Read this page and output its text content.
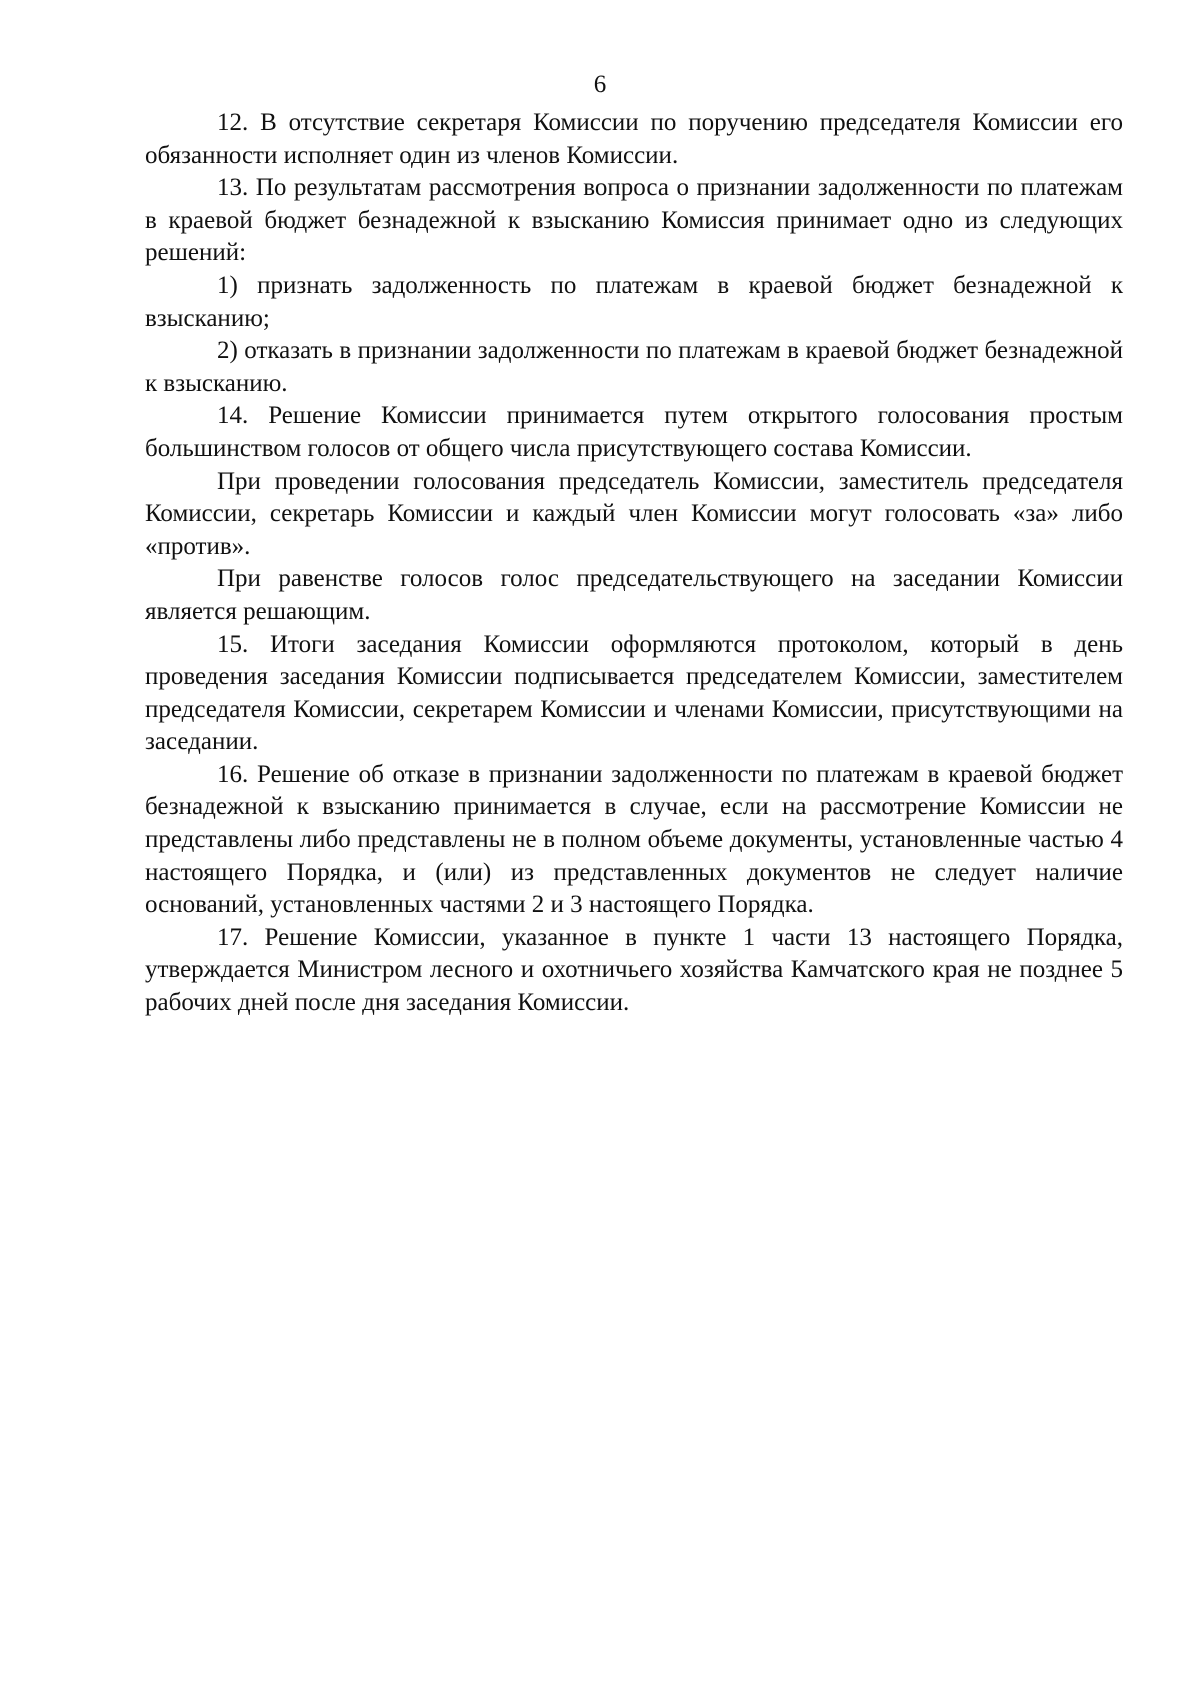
6

12. В отсутствие секретаря Комиссии по поручению председателя Комиссии его обязанности исполняет один из членов Комиссии.

13. По результатам рассмотрения вопроса о признании задолженности по платежам в краевой бюджет безнадежной к взысканию Комиссия принимает одно из следующих решений:

1) признать задолженность по платежам в краевой бюджет безнадежной к взысканию;

2) отказать в признании задолженности по платежам в краевой бюджет безнадежной к взысканию.

14. Решение Комиссии принимается путем открытого голосования простым большинством голосов от общего числа присутствующего состава Комиссии.

При проведении голосования председатель Комиссии, заместитель председателя Комиссии, секретарь Комиссии и каждый член Комиссии могут голосовать «за» либо «против».

При равенстве голосов голос председательствующего на заседании Комиссии является решающим.

15. Итоги заседания Комиссии оформляются протоколом, который в день проведения заседания Комиссии подписывается председателем Комиссии, заместителем председателя Комиссии, секретарем Комиссии и членами Комиссии, присутствующими на заседании.

16. Решение об отказе в признании задолженности по платежам в краевой бюджет безнадежной к взысканию принимается в случае, если на рассмотрение Комиссии не представлены либо представлены не в полном объеме документы, установленные частью 4 настоящего Порядка, и (или) из представленных документов не следует наличие оснований, установленных частями 2 и 3 настоящего Порядка.

17. Решение Комиссии, указанное в пункте 1 части 13 настоящего Порядка, утверждается Министром лесного и охотничьего хозяйства Камчатского края не позднее 5 рабочих дней после дня заседания Комиссии.
